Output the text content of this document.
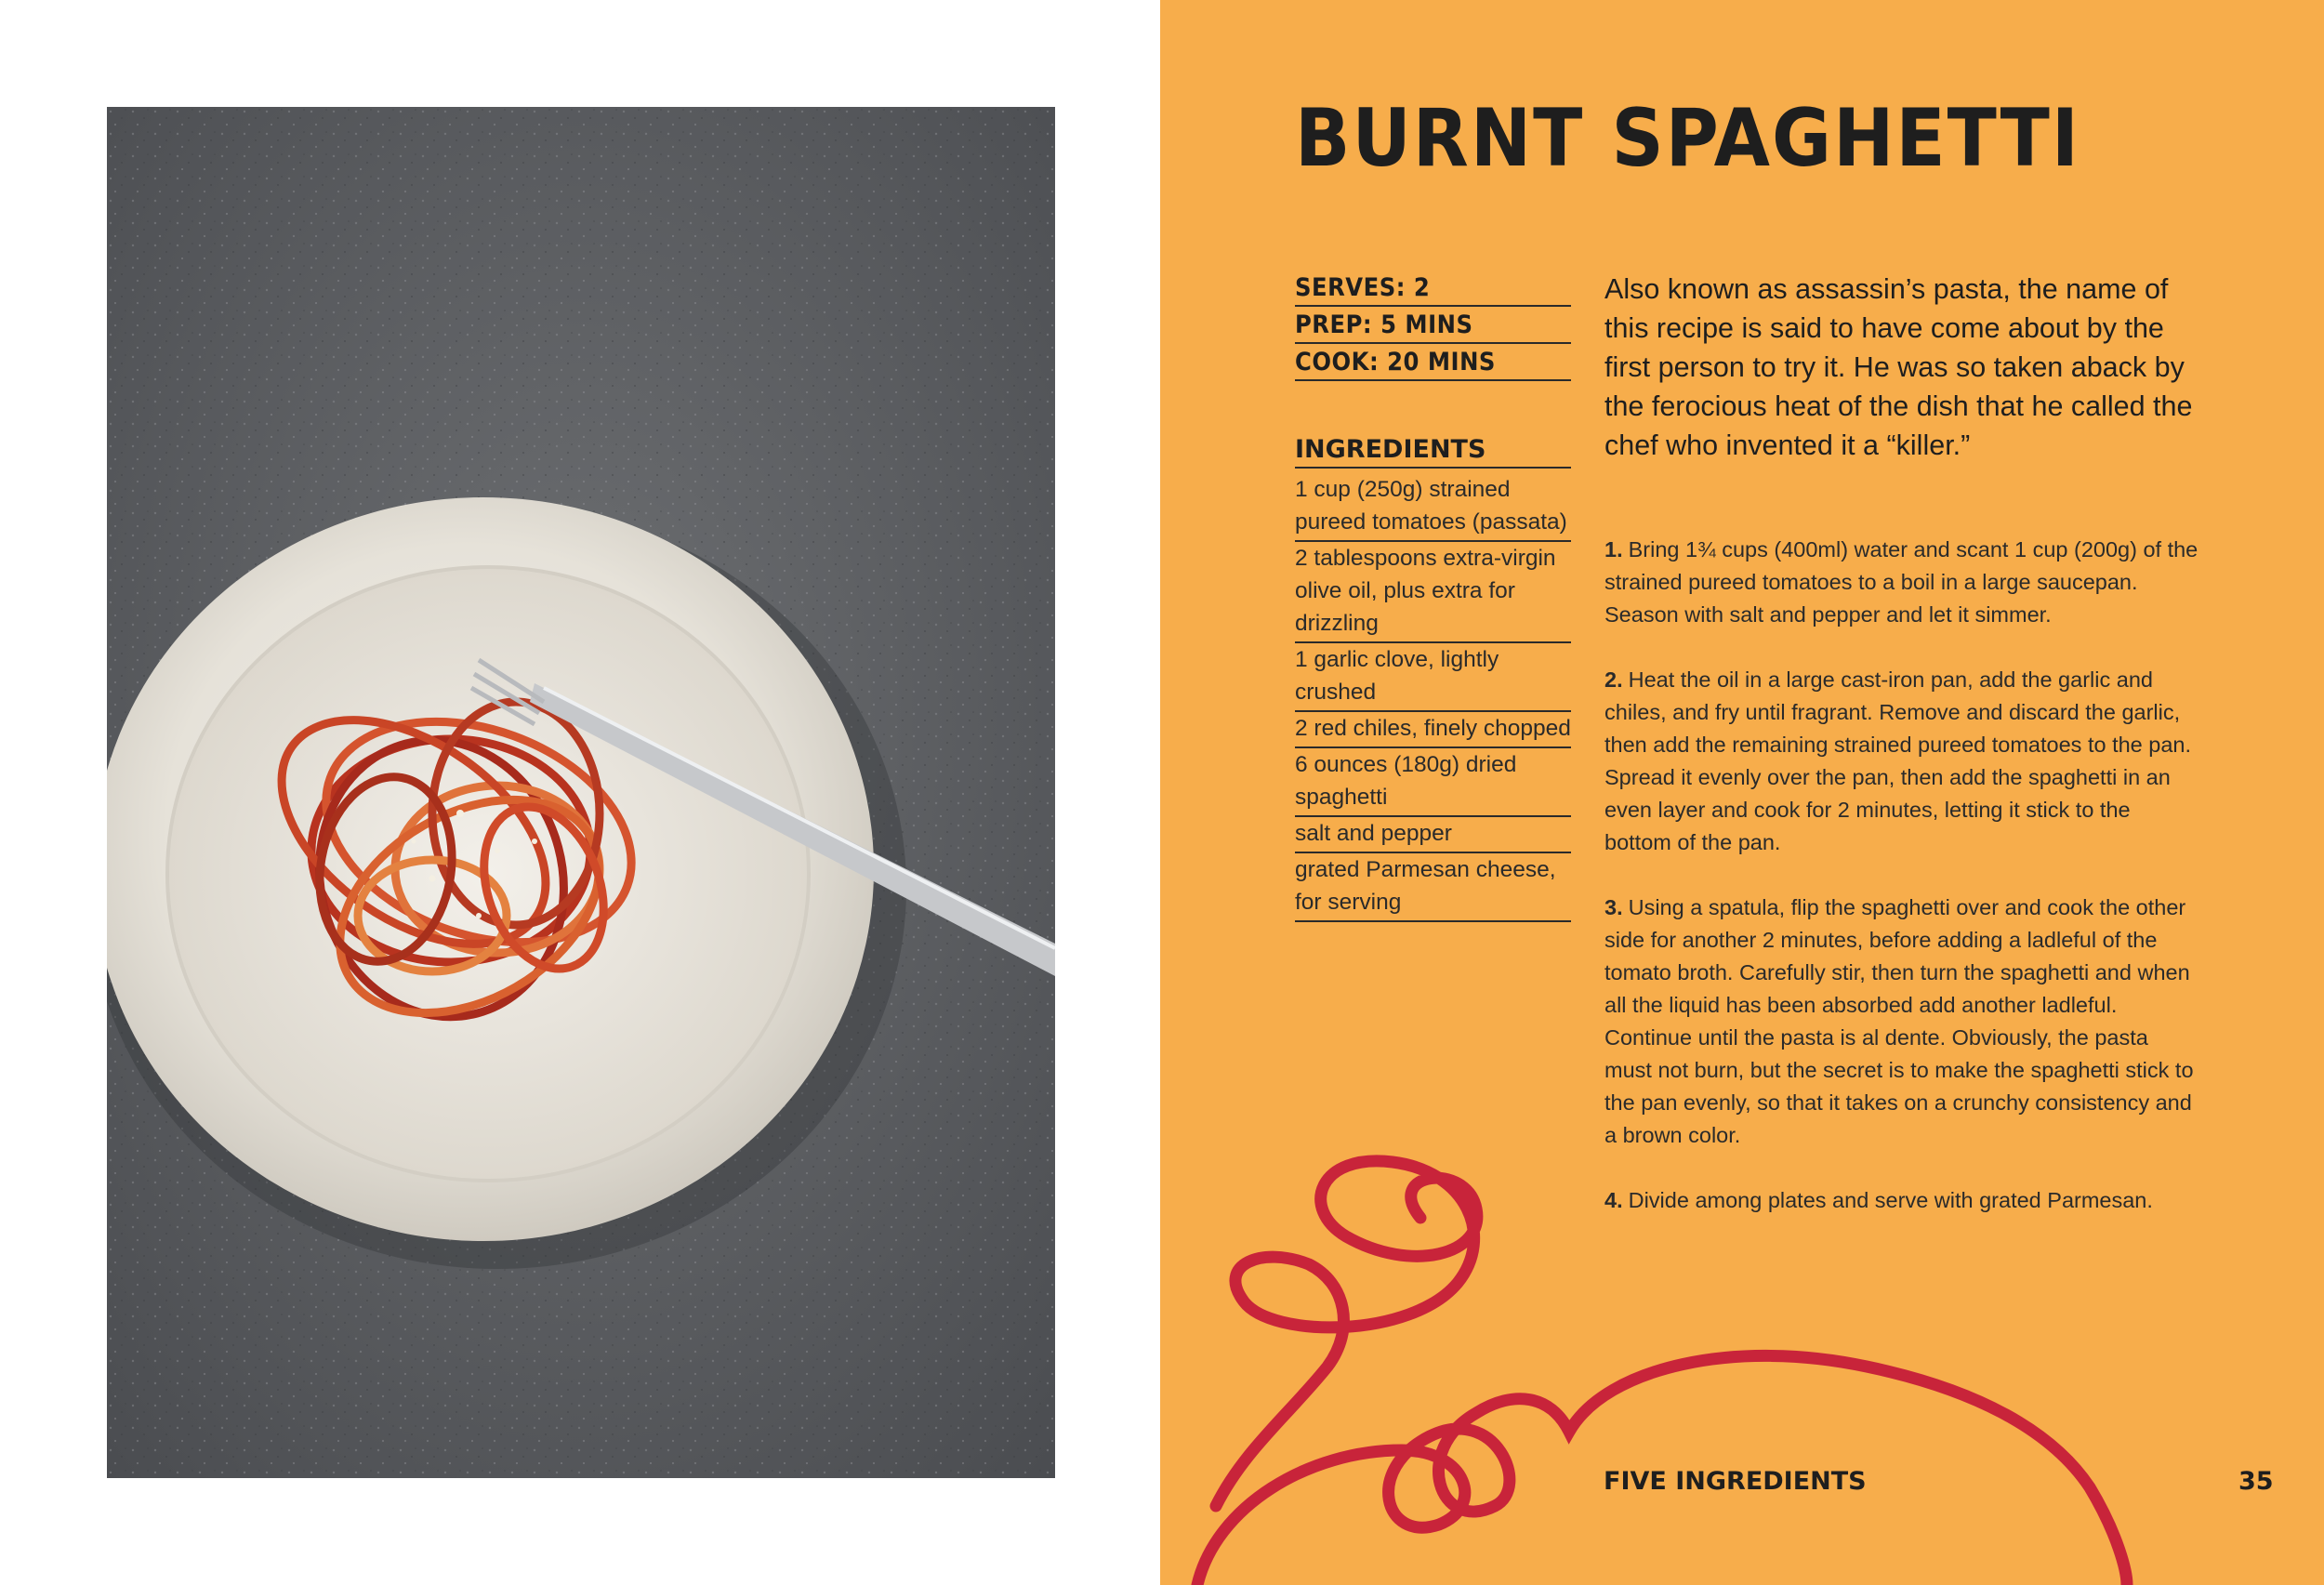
BURNT SPAGHETTI
SERVES: 2
PREP: 5 MINS
COOK: 20 MINS
INGREDIENTS
1 cup (250g) strained pureed tomatoes (passata)
2 tablespoons extra-virgin olive oil, plus extra for drizzling
1 garlic clove, lightly crushed
2 red chiles, finely chopped
6 ounces (180g) dried spaghetti
salt and pepper
grated Parmesan cheese, for serving

Also known as assassin’s pasta, the name of this recipe is said to have come about by the first person to try it. He was so taken aback by the ferocious heat of the dish that he called the chef who invented it a “killer.”

1. Bring 1¾ cups (400ml) water and scant 1 cup (200g) of the strained pureed tomatoes to a boil in a large saucepan. Season with salt and pepper and let it simmer.

2. Heat the oil in a large cast-iron pan, add the garlic and chiles, and fry until fragrant. Remove and discard the garlic, then add the remaining strained pureed tomatoes to the pan. Spread it evenly over the pan, then add the spaghetti in an even layer and cook for 2 minutes, letting it stick to the bottom of the pan.

3. Using a spatula, flip the spaghetti over and cook the other side for another 2 minutes, before adding a ladleful of the tomato broth. Carefully stir, then turn the spaghetti and when all the liquid has been absorbed add another ladleful. Continue until the pasta is al dente. Obviously, the pasta must not burn, but the secret is to make the spaghetti stick to the pan evenly, so that it takes on a crunchy consistency and a brown color.

4. Divide among plates and serve with grated Parmesan.

FIVE INGREDIENTS	35
